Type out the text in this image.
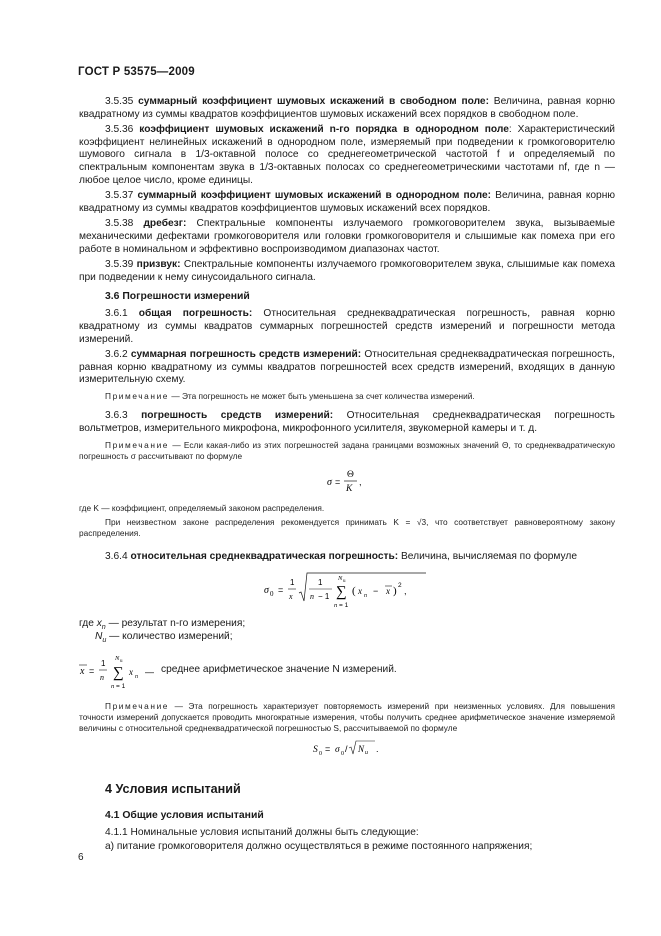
ГОСТ Р 53575—2009

3.5.35 суммарный коэффициент шумовых искажений в свободном поле: Величина, равная корню квадратному из суммы квадратов коэффициентов шумовых искажений всех порядков в свободном поле.

3.5.36 коэффициент шумовых искажений n-го порядка в однородном поле: Характеристический коэффициент нелинейных искажений в однородном поле, измеряемый при подведении к громкоговорителю шумового сигнала в 1/3-октавной полосе со среднегеометрической частотой f и определяемый по спектральным компонентам звука в 1/3-октавных полосах со среднегеометрическими частотами nf, где n — любое целое число, кроме единицы.

3.5.37 суммарный коэффициент шумовых искажений в однородном поле: Величина, равная корню квадратному из суммы квадратов коэффициентов шумовых искажений всех порядков.

3.5.38 дребезг: Спектральные компоненты излучаемого громкоговорителем звука, вызываемые механическими дефектами громкоговорителя или головки громкоговорителя и слышимые как помеха при его работе в номинальном и эффективно воспроизводимом диапазонах частот.

3.5.39 призвук: Спектральные компоненты излучаемого громкоговорителем звука, слышимые как помеха при подведении к нему синусоидального сигнала.

3.6 Погрешности измерений

3.6.1 общая погрешность: Относительная среднеквадратическая погрешность, равная корню квадратному из суммы квадратов суммарных погрешностей средств измерений и погрешности метода измерений.

3.6.2 суммарная погрешность средств измерений: Относительная среднеквадратическая погрешность, равная корню квадратному из суммы квадратов погрешностей всех средств измерений, входящих в данную измерительную схему.

Примечание — Эта погрешность не может быть уменьшена за счет количества измерений.

3.6.3 погрешность средств измерений: Относительная среднеквадратическая погрешность вольтметров, измерительного микрофона, микрофонного усилителя, звукомерной камеры и т. д.

Примечание — Если какая-либо из этих погрешностей задана границами возможных значений Θ, то среднеквадратическую погрешность σ рассчитывают по формуле

σ =
Θ
K
,

где K — коэффициент, определяемый законом распределения.

При неизвестном законе распределения рекомендуется принимать K = √3, что соответствует равновероятному закону распределения.

3.6.4 относительная среднеквадратическая погрешность: Величина, вычисляемая по формуле

σ 0 =
1
x
1
n − 1
N u
∑
n = 1
( x n − x ) 2
,
где $x_n$ — результат n-го измерения;
$N_u$ — количество измерений;
x =
1
n
N u
∑
n = 1
x n — среднее арифметическое значение N измерений.

Примечание — Эта погрешность характеризует повторяемость измерений при неизменных условиях. Для повышения точности измерений допускается проводить многократные измерения, чтобы получить среднее арифметическое значение измеряемой величины с относительной среднеквадратической погрешностью S, рассчитываемой по формуле

S 0 = σ 0 / N u .

4 Условия испытаний

4.1 Общие условия испытаний

4.1.1 Номинальные условия испытаний должны быть следующие:

а) питание громкоговорителя должно осуществляться в режиме постоянного напряжения;

6
